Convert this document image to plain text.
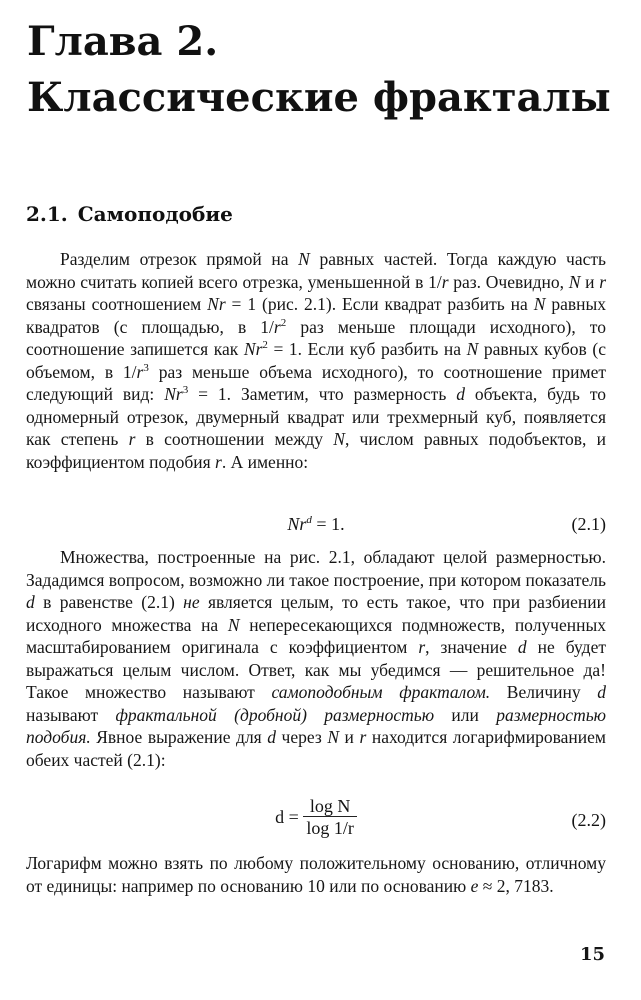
Глава 2.
Классические фракталы
2.1. Самоподобие

Разделим отрезок прямой на N равных частей. Тогда каждую часть можно считать копией всего отрезка, уменьшенной в 1/r раз. Очевидно, N и r связаны соотношением Nr = 1 (рис. 2.1). Если квадрат разбить на N равных квадратов (с площадью, в $1/r^2$ раз меньше площади исходного), то соотношение запишется как $Nr^2 = 1$. Если куб разбить на N равных кубов (с объемом, в $1/r^3$ раз меньше объема исходного), то соотношение примет следующий вид: $Nr^3 = 1$. Заметим, что размерность d объекта, будь то одномерный отрезок, двумерный квадрат или трехмерный куб, появляется как степень r в соотношении между N, числом равных подобъектов, и коэффициентом подобия r. А именно:

$Nr^d = 1$.	(2.1)

Множества, построенные на рис. 2.1, обладают целой размерностью. Зададимся вопросом, возможно ли такое построение, при котором показатель d в равенстве (2.1) не является целым, то есть такое, что при разбиении исходного множества на N непересекающихся подмножеств, полученных масштабированием оригинала с коэффициентом r, значение d не будет выражаться целым числом. Ответ, как мы убедимся — решительное да! Такое множество называют самоподобным фракталом. Величину d называют фрактальной (дробной) размерностью или размерностью подобия. Явное выражение для d через N и r находится логарифмированием обеих частей (2.1):

$d = \frac{\text{log N}}{\log 1/r}$	(2.2)

Логарифм можно взять по любому положительному основанию, отличному от единицы: например по основанию 10 или по основанию e ≈ 2, 7183.

15
